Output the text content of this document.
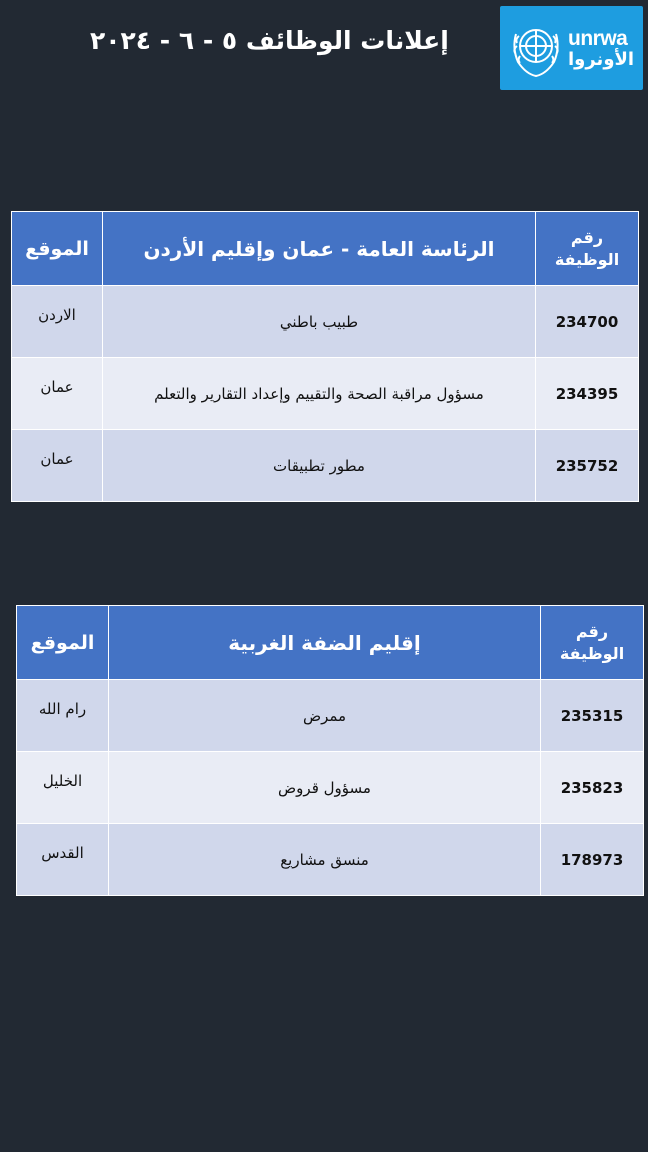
إعلانات الوظائف ٥ - ٦ - ٢٠٢٤	unrwa
الأونروا
الموقع	الرئاسة العامة - عمان وإقليم الأردن	رقم الوظيفة

الاردن	طبيب باطني	234700

عمان	مسؤول مراقبة الصحة والتقييم وإعداد التقارير والتعلم	234395

عمان	مطور تطبيقات	235752
الموقع	إقليم الضفة الغربية	رقم الوظيفة

رام الله	ممرض	235315

الخليل	مسؤول قروض	235823

القدس	منسق مشاريع	178973
